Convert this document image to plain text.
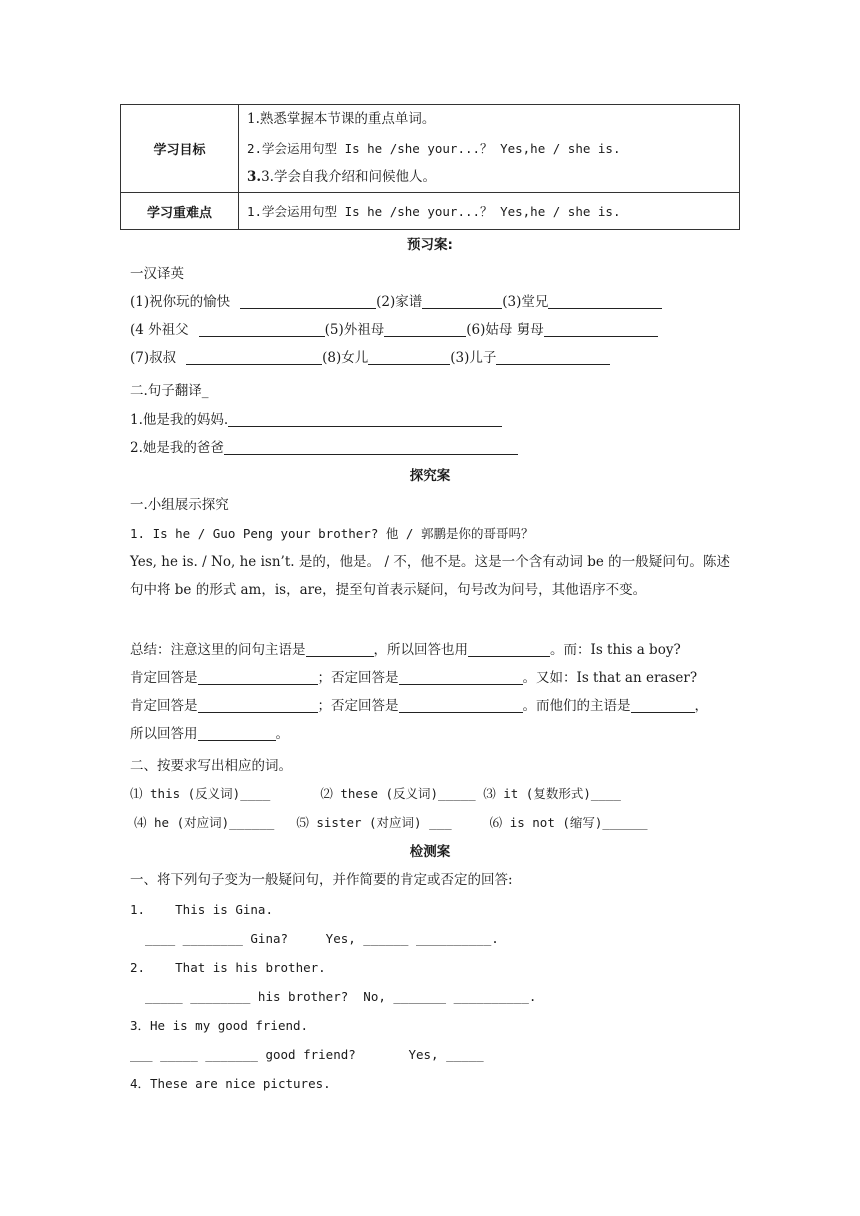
学习目标	1.熟悉掌握本节课的重点单词。
2.学会运用句型 Is he /she your...？ Yes,he / she is.
3.3.学会自我介绍和问候他人。

学习重难点	1.学会运用句型 Is he /she your...？ Yes,he / she is.
预习案:
一汉译英
(1)祝你玩的愉快	(2)家谱	(3)堂兄
(4 外祖父	(5)外祖母	(6)姑母 舅母
(7)叔叔	(8)女儿	(3)儿子
二.句子翻译_
1.他是我的妈妈.
2.她是我的爸爸
探究案
一.小组展示探究
1. Is he / Guo Peng your brother? 他 / 郭鹏是你的哥哥吗？
Yes, he is. / No, he isn’t. 是的，他是。 / 不，他不是。这是一个含有动词 be 的一般疑问句。陈述句中将 be 的形式 am，is，are，提至句首表示疑问，句号改为问号，其他语序不变。
总结：注意这里的问句主语是	，所以回答也用	。而：Is this a boy?
肯定回答是	；否定回答是	。又如：Is that an eraser?
肯定回答是	；否定回答是	。而他们的主语是	，
所以回答用	。
二、按要求写出相应的词。
⑴ this (反义词)____	⑵ these (反义词)_____ ⑶ it (复数形式)____
⑷ he (对应词)______ ⑸ sister (对应词) ___	⑹ is not (缩写)______
检测案
一、将下列句子变为一般疑问句，并作简要的肯定或否定的回答:
1.    This is Gina.
____ ________ Gina?     Yes, ______ __________.
2.    That is his brother.
_____ ________ his brother?  No, _______ __________.
3．He is my good friend.
___ _____ _______ good friend?       Yes, _____
4．These are nice pictures.
